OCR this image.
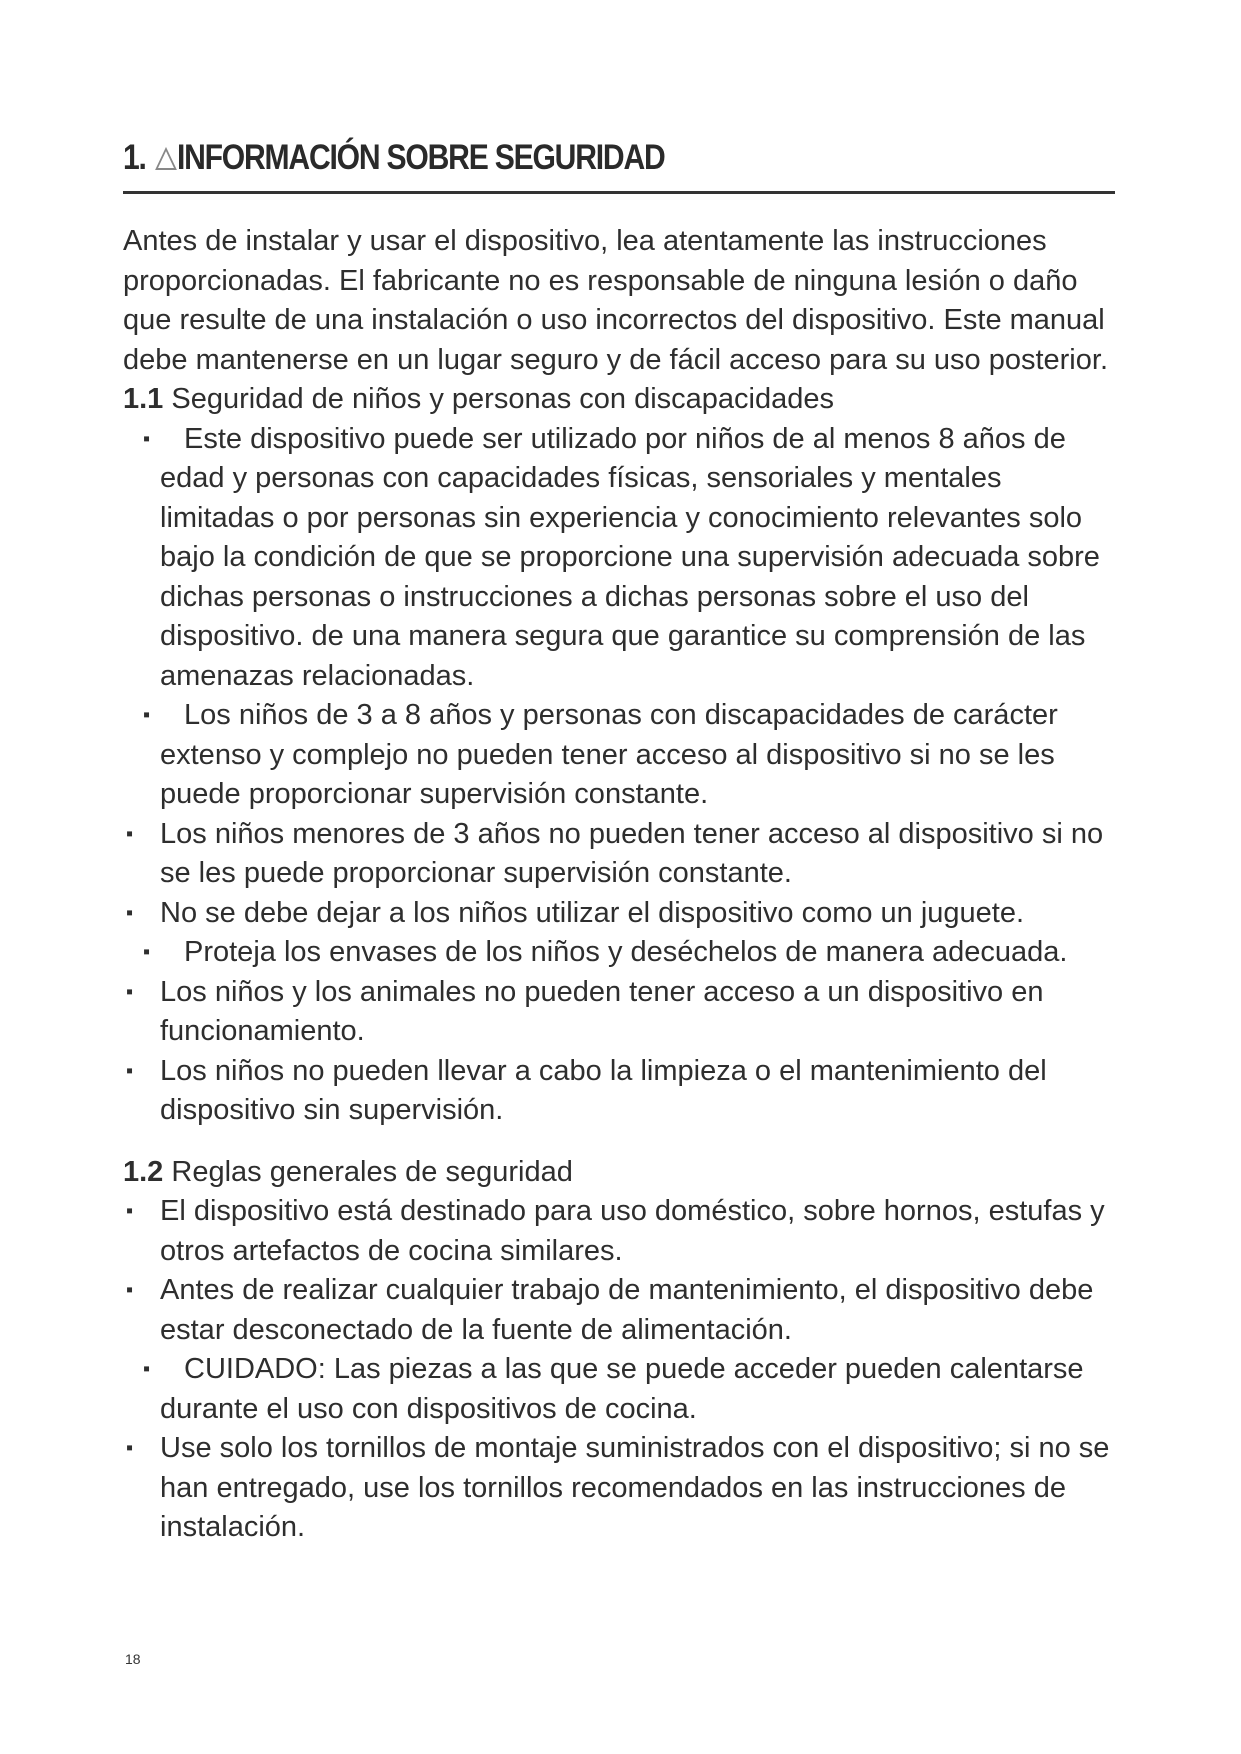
1. INFORMACIÓN SOBRE SEGURIDAD

Antes de instalar y usar el dispositivo, lea atentamente las instrucciones proporcionadas. El fabricante no es responsable de ninguna lesión o daño que resulte de una instalación o uso incorrectos del dispositivo. Este manual debe mantenerse en un lugar seguro y de fácil acceso para su uso posterior.

1.1 Seguridad de niños y personas con discapacidades

▪ Este dispositivo puede ser utilizado por niños de al menos 8 años de edad y personas con capacidades físicas, sensoriales y mentales limitadas o por personas sin experiencia y conocimiento relevantes solo bajo la condición de que se proporcione una supervisión adecuada sobre dichas personas o instrucciones a dichas personas sobre el uso del dispositivo. de una manera segura que garantice su comprensión de las amenazas relacionadas.
▪ Los niños de 3 a 8 años y personas con discapacidades de carácter extenso y complejo no pueden tener acceso al dispositivo si no se les puede proporcionar supervisión constante.
▪ Los niños menores de 3 años no pueden tener acceso al dispositivo si no se les puede proporcionar supervisión constante.
▪ No se debe dejar a los niños utilizar el dispositivo como un juguete.
▪ Proteja los envases de los niños y deséchelos de manera adecuada.
▪ Los niños y los animales no pueden tener acceso a un dispositivo en funcionamiento.
▪ Los niños no pueden llevar a cabo la limpieza o el mantenimiento del dispositivo sin supervisión.

1.2 Reglas generales de seguridad

▪ El dispositivo está destinado para uso doméstico, sobre hornos, estufas y otros artefactos de cocina similares.
▪ Antes de realizar cualquier trabajo de mantenimiento, el dispositivo debe estar desconectado de la fuente de alimentación.
▪ CUIDADO: Las piezas a las que se puede acceder pueden calentarse durante el uso con dispositivos de cocina.
▪ Use solo los tornillos de montaje suministrados con el dispositivo; si no se han entregado, use los tornillos recomendados en las instrucciones de instalación.
18
